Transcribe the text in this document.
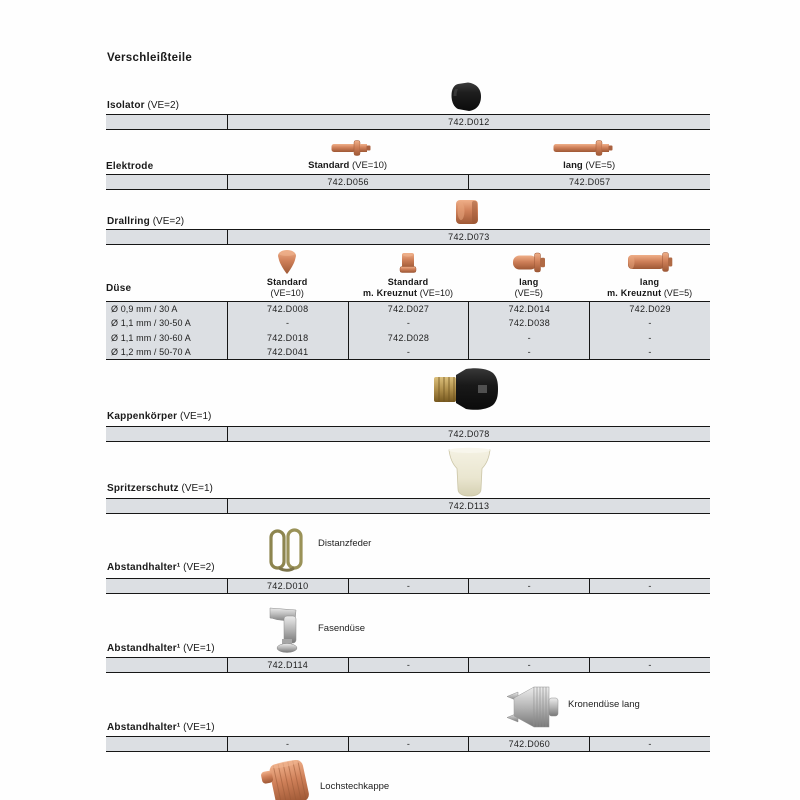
Verschleißteile
Isolator (VE=2)
742.D012
Elektrode	Standard (VE=10)	lang (VE=5)
742.D056	742.D057
Drallring (VE=2)
742.D073
Düse
Standard
(VE=10)
Standard
m. Kreuznut (VE=10)
lang
(VE=5)
lang
m. Kreuznut (VE=5)
Ø 0,9 mm / 30 A	742.D008	742.D027	742.D014	742.D029
Ø 1,1 mm / 30-50 A	-	-	742.D038	-
Ø 1,1 mm / 30-60 A	742.D018	742.D028	-	-
Ø 1,2 mm / 50-70 A	742.D041	-	-	-
Kappenkörper (VE=1)
742.D078
Spritzerschutz (VE=1)
742.D113
Distanzfeder
Abstandhalter¹ (VE=2)
742.D010	-	-	-
Fasendüse
Abstandhalter¹ (VE=1)
742.D114	-	-	-
Kronendüse lang
Abstandhalter¹ (VE=1)
-	-	742.D060	-
Lochstechkappe
